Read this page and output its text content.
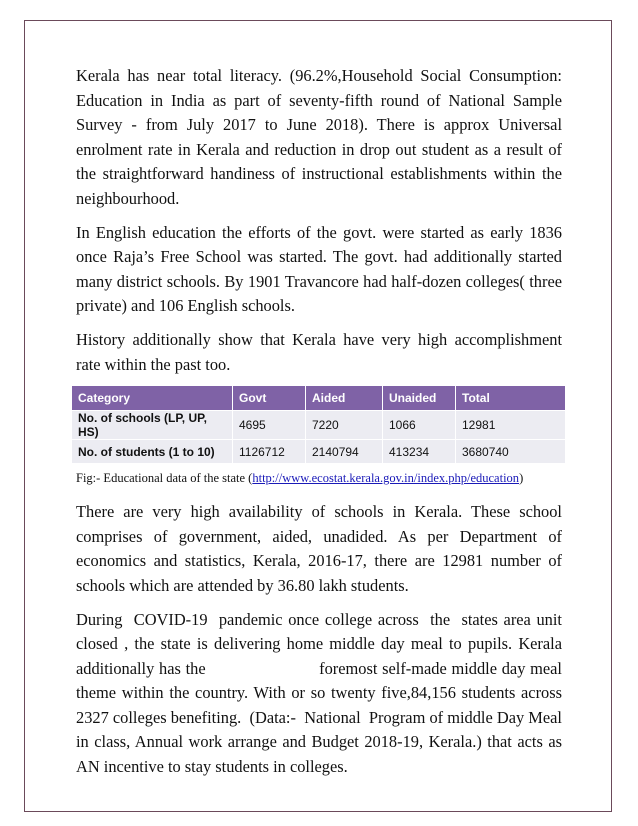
Kerala has near total literacy. (96.2%,Household Social Consumption: Education in India as part of seventy-fifth round of National Sample Survey - from July 2017 to June 2018). There is approx Universal enrolment rate in Kerala and reduction in drop out student as a result of the straightforward handiness of instructional establishments within the neighbourhood.

In English education the efforts of the govt. were started as early 1836 once Raja’s Free School was started. The govt. had additionally started many district schools. By 1901 Travancore had half-dozen colleges( three private) and 106 English schools.

History additionally show that Kerala have very high accomplishment rate within the past too.

Category	Govt	Aided	Unaided	Total
No. of schools (LP, UP, HS)	4695	7220	1066	12981
No. of students (1 to 10)	1126712	2140794	413234	3680740
Fig:- Educational data of the state (http://www.ecostat.kerala.gov.in/index.php/education)

There are very high availability of schools in Kerala. These school comprises of government, aided, unadided. As per Department of economics and statistics, Kerala, 2016-17, there are 12981 number of schools which are attended by 36.80 lakh students.

During  COVID-19  pandemic once college across  the  states area unit closed , the state is delivering home middle day meal to pupils. Kerala additionally has the                        foremost self-made middle day meal theme within the country. With or so twenty five,84,156 students across  2327 colleges benefiting.  (Data:-  National  Program of middle Day Meal in class, Annual work arrange and Budget 2018-19, Kerala.) that acts as AN incentive to stay students in colleges.
